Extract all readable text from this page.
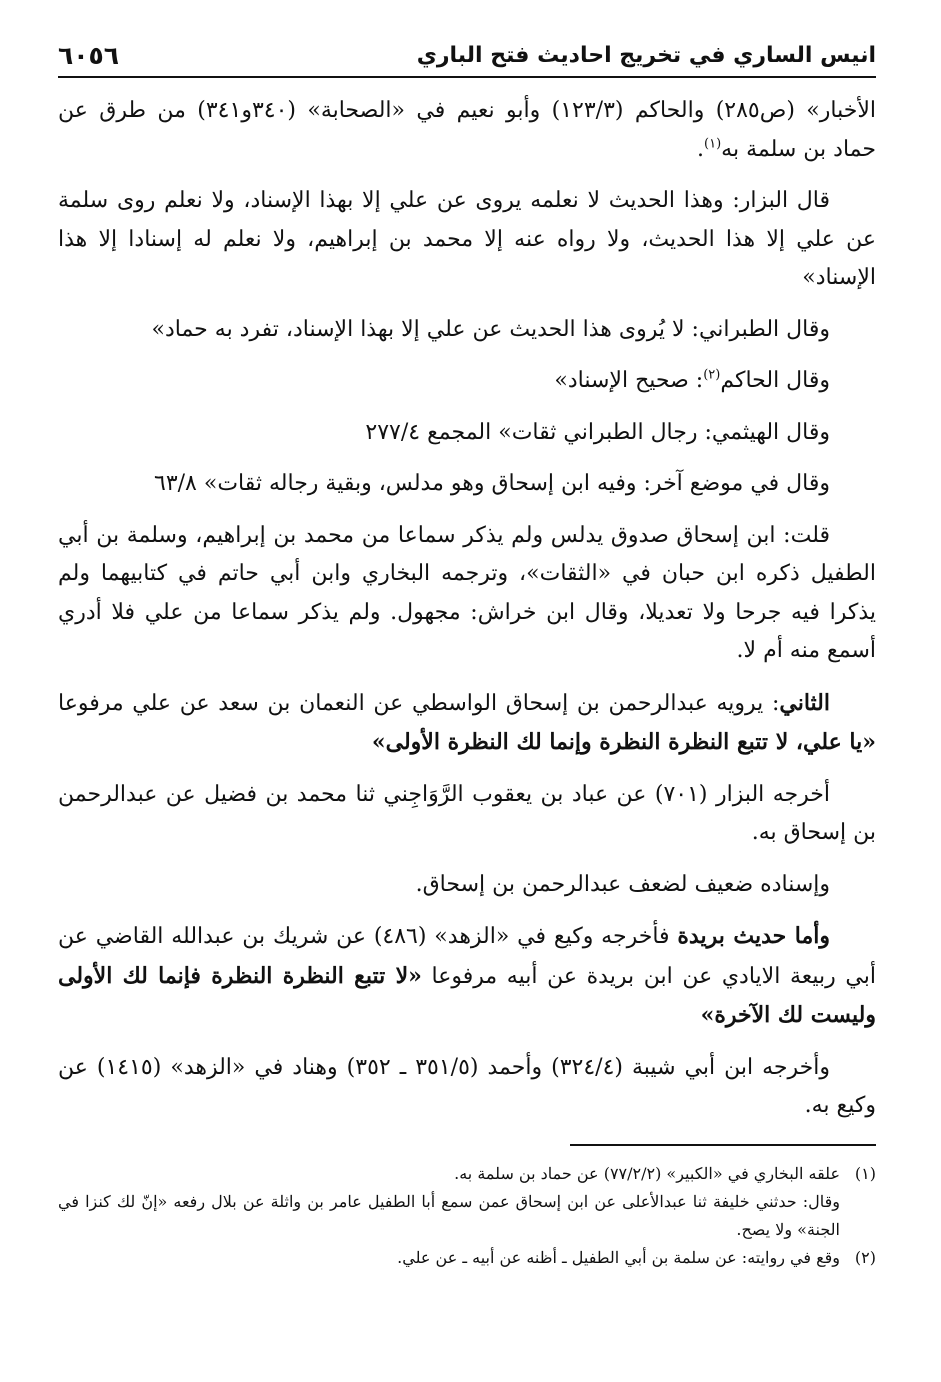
انيس الساري في تخريج احاديث فتح الباري
٦٠٥٦

الأخبار» (ص٢٨٥) والحاكم (١٢٣/٣) وأبو نعيم في «الصحابة» (٣٤٠و٣٤١) من طرق عن حماد بن سلمة به$^{(١)}$.

قال البزار: وهذا الحديث لا نعلمه يروى عن علي إلا بهذا الإسناد، ولا نعلم روى سلمة عن علي إلا هذا الحديث، ولا رواه عنه إلا محمد بن إبراهيم، ولا نعلم له إسنادا إلا هذا الإسناد»

وقال الطبراني: لا يُروى هذا الحديث عن علي إلا بهذا الإسناد، تفرد به حماد»

وقال الحاكم$^{(٢)}$: صحيح الإسناد»

وقال الهيثمي: رجال الطبراني ثقات» المجمع ٢٧٧/٤

وقال في موضع آخر: وفيه ابن إسحاق وهو مدلس، وبقية رجاله ثقات» ٦٣/٨

قلت: ابن إسحاق صدوق يدلس ولم يذكر سماعا من محمد بن إبراهيم، وسلمة بن أبي الطفيل ذكره ابن حبان في «الثقات»، وترجمه البخاري وابن أبي حاتم في كتابيهما ولم يذكرا فيه جرحا ولا تعديلا، وقال ابن خراش: مجهول. ولم يذكر سماعا من علي فلا أدري أسمع منه أم لا.

الثاني: يرويه عبدالرحمن بن إسحاق الواسطي عن النعمان بن سعد عن علي مرفوعا «يا علي، لا تتبع النظرة النظرة وإنما لك النظرة الأولى»

أخرجه البزار (٧٠١) عن عباد بن يعقوب الرَّوَاجِني ثنا محمد بن فضيل عن عبدالرحمن بن إسحاق به.

وإسناده ضعيف لضعف عبدالرحمن بن إسحاق.

وأما حديث بريدة فأخرجه وكيع في «الزهد» (٤٨٦) عن شريك بن عبدالله القاضي عن أبي ربيعة الايادي عن ابن بريدة عن أبيه مرفوعا «لا تتبع النظرة النظرة فإنما لك الأولى وليست لك الآخرة»

وأخرجه ابن أبي شيبة (٣٢٤/٤) وأحمد (٣٥١/٥ ـ ٣٥٢) وهناد في «الزهد» (١٤١٥) عن وكيع به.

(١)
علقه البخاري في «الكبير» (٧٧/٢/٢) عن حماد بن سلمة به.
وقال: حدثني خليفة ثنا عبدالأعلى عن ابن إسحاق عمن سمع أبا الطفيل عامر بن واثلة عن بلال رفعه «إنّ لك كنزا في الجنة» ولا يصح.
(٢)
وقع في روايته: عن سلمة بن أبي الطفيل ـ أظنه عن أبيه ـ عن علي.
